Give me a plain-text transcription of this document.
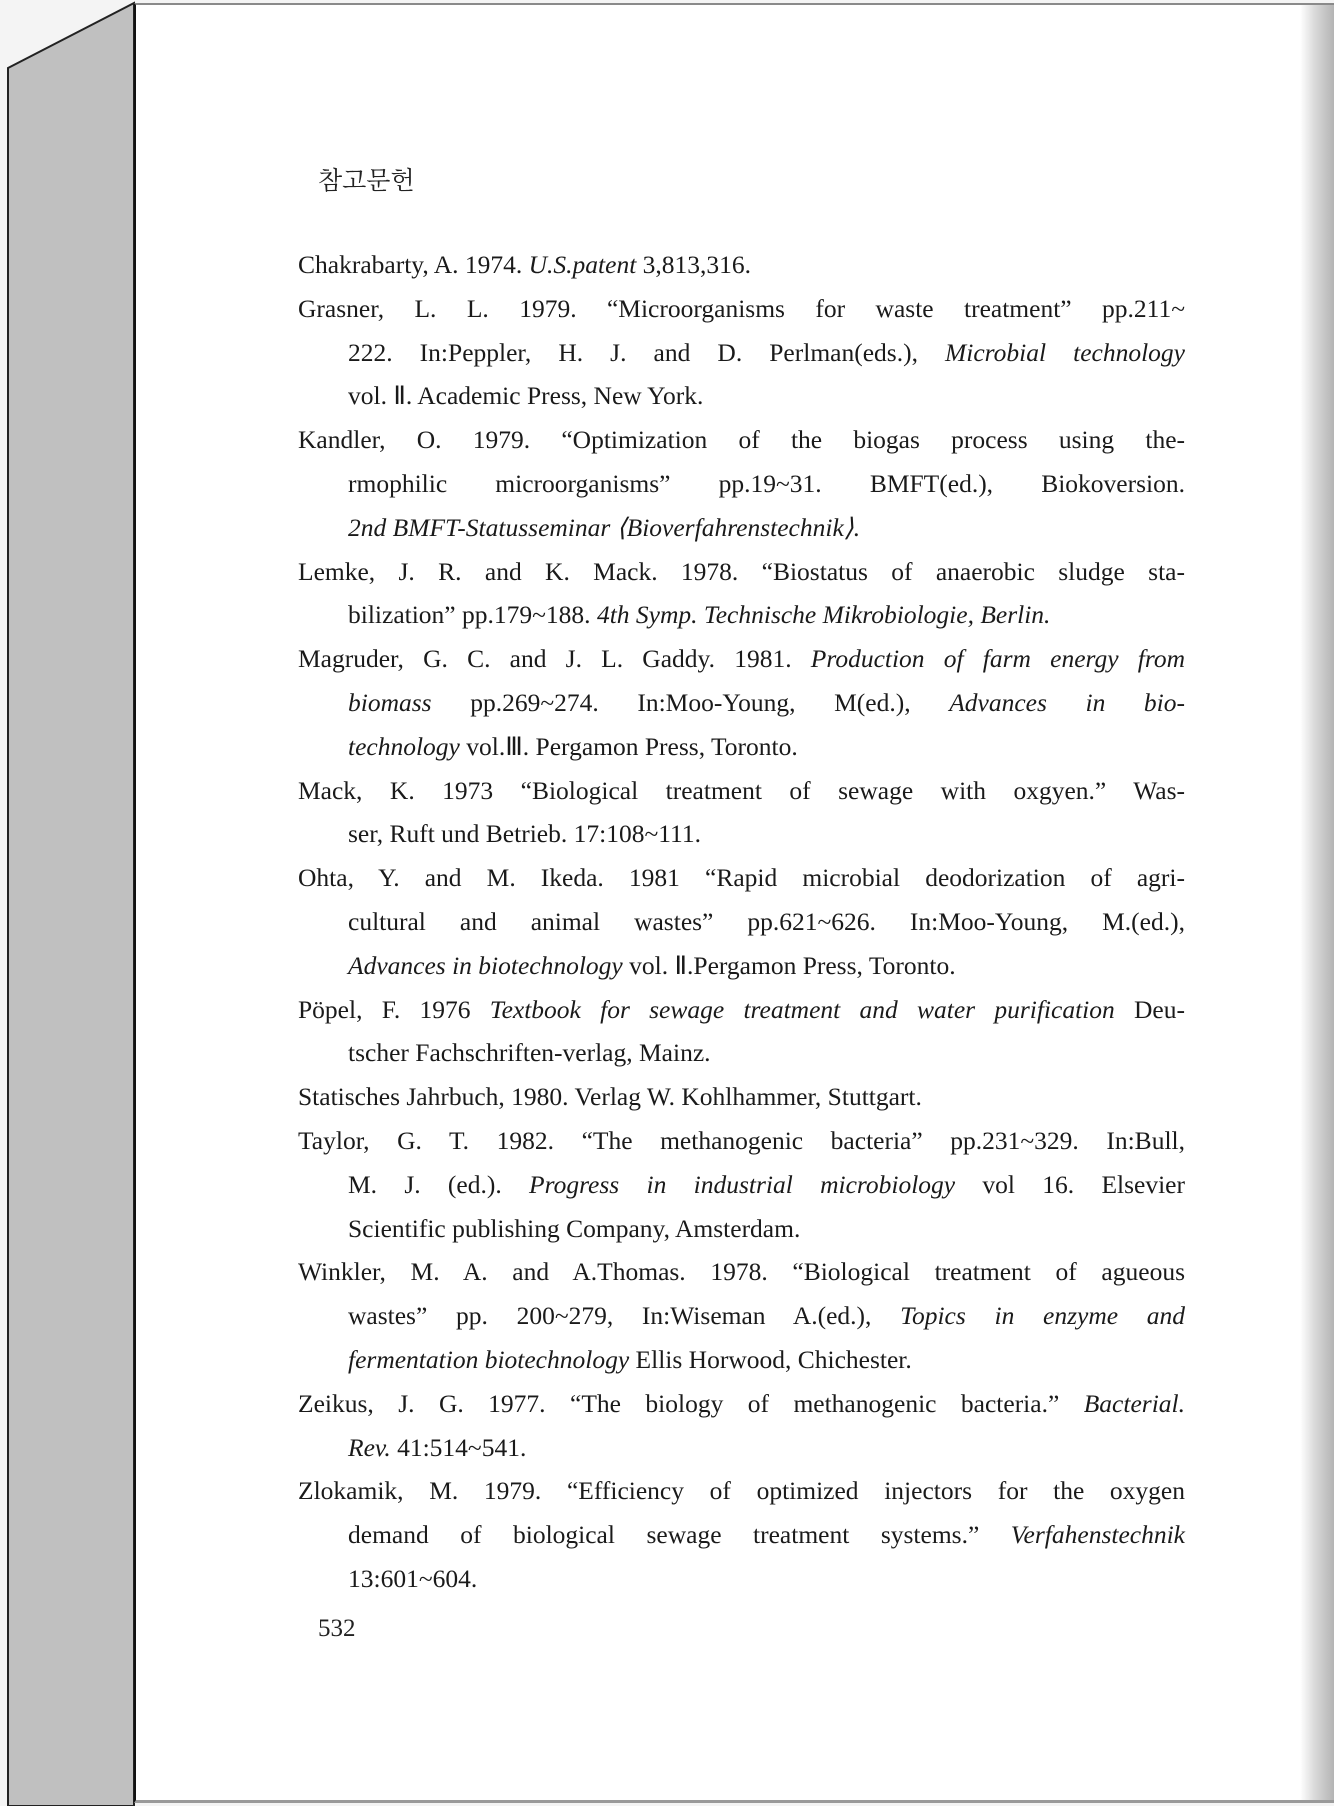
참고문헌
Chakrabarty, A. 1974. U.S.patent 3,813,316.
Grasner, L. L. 1979. “Microorganisms for waste treatment” pp.211~
222. In:Peppler, H. J. and D. Perlman(eds.), Microbial technology
vol. Ⅱ. Academic Press, New York.
Kandler, O. 1979. “Optimization of the biogas process using the-
rmophilic microorganisms” pp.19~31. BMFT(ed.), Biokoversion.
2nd BMFT-Statusseminar ⟨Bioverfahrenstechnik⟩.
Lemke, J. R. and K. Mack. 1978. “Biostatus of anaerobic sludge sta-
bilization” pp.179~188. 4th Symp. Technische Mikrobiologie, Berlin.
Magruder, G. C. and J. L. Gaddy. 1981. Production of farm energy from
biomass pp.269~274. In:Moo-Young, M(ed.), Advances in bio-
technology vol.Ⅲ. Pergamon Press, Toronto.
Mack, K. 1973 “Biological treatment of sewage with oxgyen.” Was-
ser, Ruft und Betrieb. 17:108~111.
Ohta, Y. and M. Ikeda. 1981 “Rapid microbial deodorization of agri-
cultural and animal wastes” pp.621~626. In:Moo-Young, M.(ed.),
Advances in biotechnology vol. Ⅱ.Pergamon Press, Toronto.
Pöpel, F. 1976 Textbook for sewage treatment and water purification Deu-
tscher Fachschriften-verlag, Mainz.
Statisches Jahrbuch, 1980. Verlag W. Kohlhammer, Stuttgart.
Taylor, G. T. 1982. “The methanogenic bacteria” pp.231~329. In:Bull,
M. J. (ed.). Progress in industrial microbiology vol 16. Elsevier
Scientific publishing Company, Amsterdam.
Winkler, M. A. and A.Thomas. 1978. “Biological treatment of agueous
wastes” pp. 200~279, In:Wiseman A.(ed.), Topics in enzyme and
fermentation biotechnology Ellis Horwood, Chichester.
Zeikus, J. G. 1977. “The biology of methanogenic bacteria.” Bacterial.
Rev. 41:514~541.
Zlokamik, M. 1979. “Efficiency of optimized injectors for the oxygen
demand of biological sewage treatment systems.” Verfahenstechnik
13:601~604.
532
